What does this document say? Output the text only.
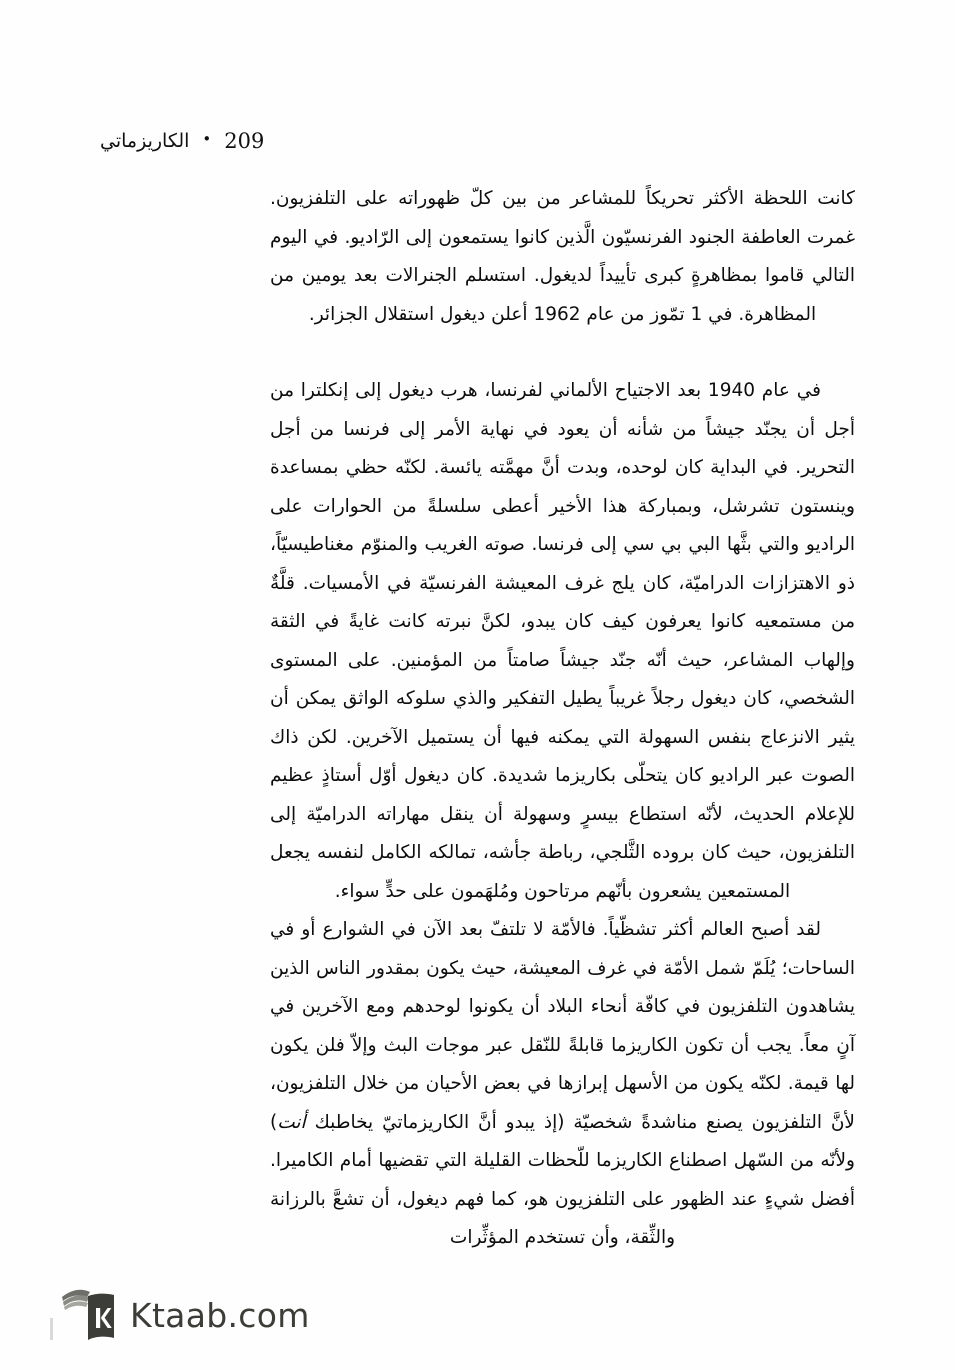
الكاريزماتي • 209

كانت اللحظة الأكثر تحريكاً للمشاعر من بين كلّ ظهوراته على التلفزيون. غمرت العاطفة الجنود الفرنسيّون الَّذين كانوا يستمعون إلى الرّاديو. في اليوم التالي قاموا بمظاهرةٍ كبرى تأييداً لديغول. استسلم الجنرالات بعد يومين من المظاهرة. في 1 تمّوز من عام 1962 أعلن ديغول استقلال الجزائر.

في عام 1940 بعد الاجتياح الألماني لفرنسا، هرب ديغول إلى إنكلترا من أجل أن يجنّد جيشاً من شأنه أن يعود في نهاية الأمر إلى فرنسا من أجل التحرير. في البداية كان لوحده، وبدت أنَّ مهمَّته يائسة. لكنّه حظي بمساعدة وينستون تشرشل، وبمباركة هذا الأخير أعطى سلسلةً من الحوارات على الراديو والتي بثَّها البي بي سي إلى فرنسا. صوته الغريب والمنوّم مغناطيسيّاً، ذو الاهتزازات الدراميّة، كان يلج غرف المعيشة الفرنسيّة في الأمسيات. قلَّةٌ من مستمعيه كانوا يعرفون كيف كان يبدو، لكنَّ نبرته كانت غايةً في الثقة وإلهاب المشاعر، حيث أنّه جنّد جيشاً صامتاً من المؤمنين. على المستوى الشخصي، كان ديغول رجلاً غريباً يطيل التفكير والذي سلوكه الواثق يمكن أن يثير الانزعاج بنفس السهولة التي يمكنه فيها أن يستميل الآخرين. لكن ذاك الصوت عبر الراديو كان يتحلّى بكاريزما شديدة. كان ديغول أوّل أستاذٍ عظيم للإعلام الحديث، لأنّه استطاع بيسرٍ وسهولة أن ينقل مهاراته الدراميّة إلى التلفزيون، حيث كان بروده الثَّلجي، رباطة جأشه، تمالكه الكامل لنفسه يجعل المستمعين يشعرون بأنّهم مرتاحون ومُلهَمون على حدٍّ سواء.

لقد أصبح العالم أكثر تشظّياً. فالأمّة لا تلتفّ بعد الآن في الشوارع أو في الساحات؛ يُلَمّ شمل الأمّة في غرف المعيشة، حيث يكون بمقدور الناس الذين يشاهدون التلفزيون في كافّة أنحاء البلاد أن يكونوا لوحدهم ومع الآخرين في آنٍ معاً. يجب أن تكون الكاريزما قابلةً للنّقل عبر موجات البث وإلاّ فلن يكون لها قيمة. لكنّه يكون من الأسهل إبرازها في بعض الأحيان من خلال التلفزيون، لأنَّ التلفزيون يصنع مناشدةً شخصيّة (إذ يبدو أنَّ الكاريزماتيّ يخاطبك أنت) ولأنّه من السّهل اصطناع الكاريزما للّحظات القليلة التي تقضيها أمام الكاميرا. أفضل شيءٍ عند الظهور على التلفزيون هو، كما فهم ديغول، أن تشعَّ بالرزانة والثِّقة، وأن تستخدم المؤثِّرات

Ktaab.com
